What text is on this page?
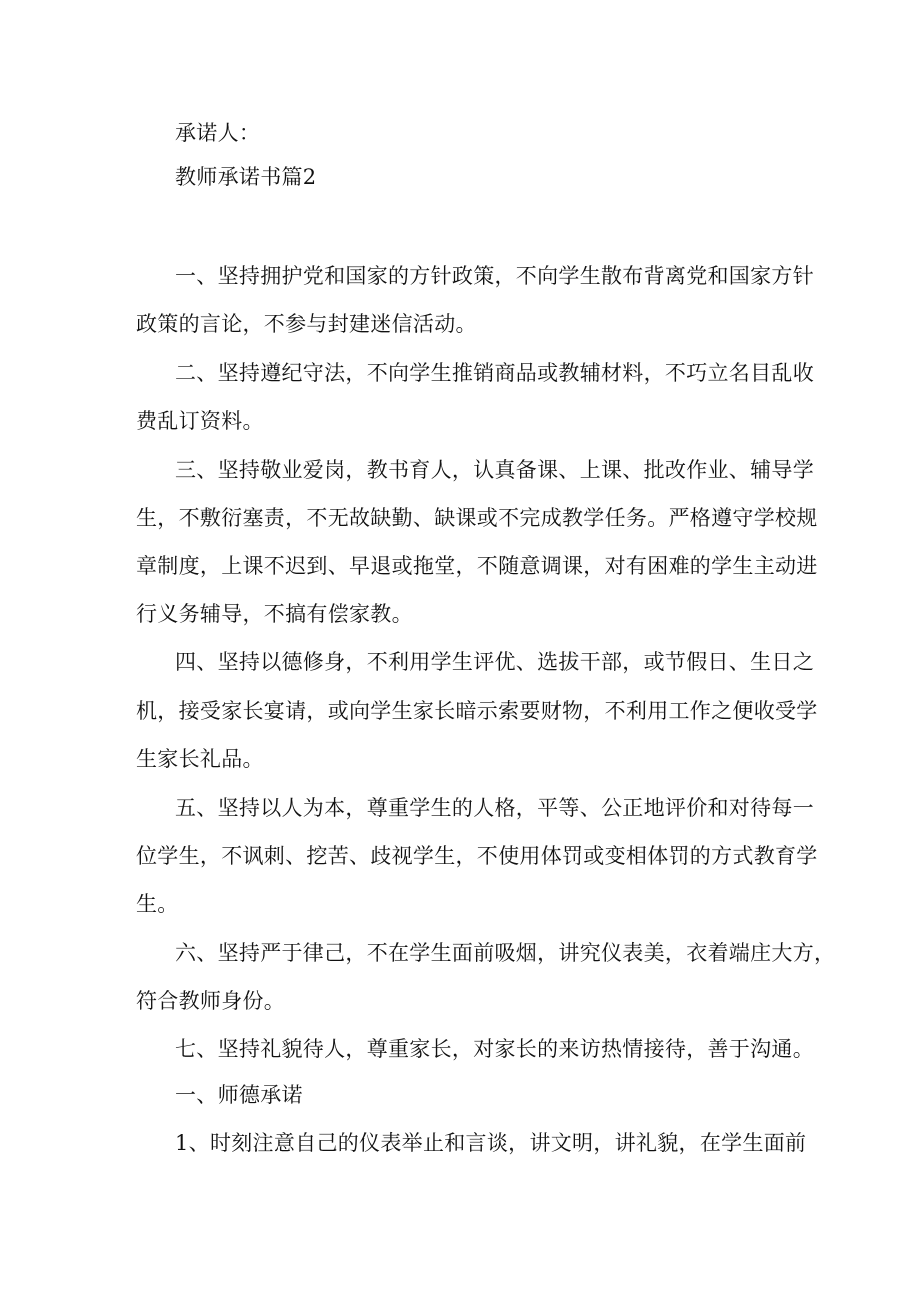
承诺人：
教师承诺书篇2
一、坚持拥护党和国家的方针政策，不向学生散布背离党和国家方针
政策的言论，不参与封建迷信活动。
二、坚持遵纪守法，不向学生推销商品或教辅材料，不巧立名目乱收
费乱订资料。
三、坚持敬业爱岗，教书育人，认真备课、上课、批改作业、辅导学
生，不敷衍塞责，不无故缺勤、缺课或不完成教学任务。严格遵守学校规
章制度，上课不迟到、早退或拖堂，不随意调课，对有困难的学生主动进
行义务辅导，不搞有偿家教。
四、坚持以德修身，不利用学生评优、选拔干部，或节假日、生日之
机，接受家长宴请，或向学生家长暗示索要财物，不利用工作之便收受学
生家长礼品。
五、坚持以人为本，尊重学生的人格，平等、公正地评价和对待每一
位学生，不讽刺、挖苦、歧视学生，不使用体罚或变相体罚的方式教育学
生。
六、坚持严于律己，不在学生面前吸烟，讲究仪表美，衣着端庄大方，
符合教师身份。
七、坚持礼貌待人，尊重家长，对家长的来访热情接待，善于沟通。
一、师德承诺
1、时刻注意自己的仪表举止和言谈，讲文明，讲礼貌，在学生面前
